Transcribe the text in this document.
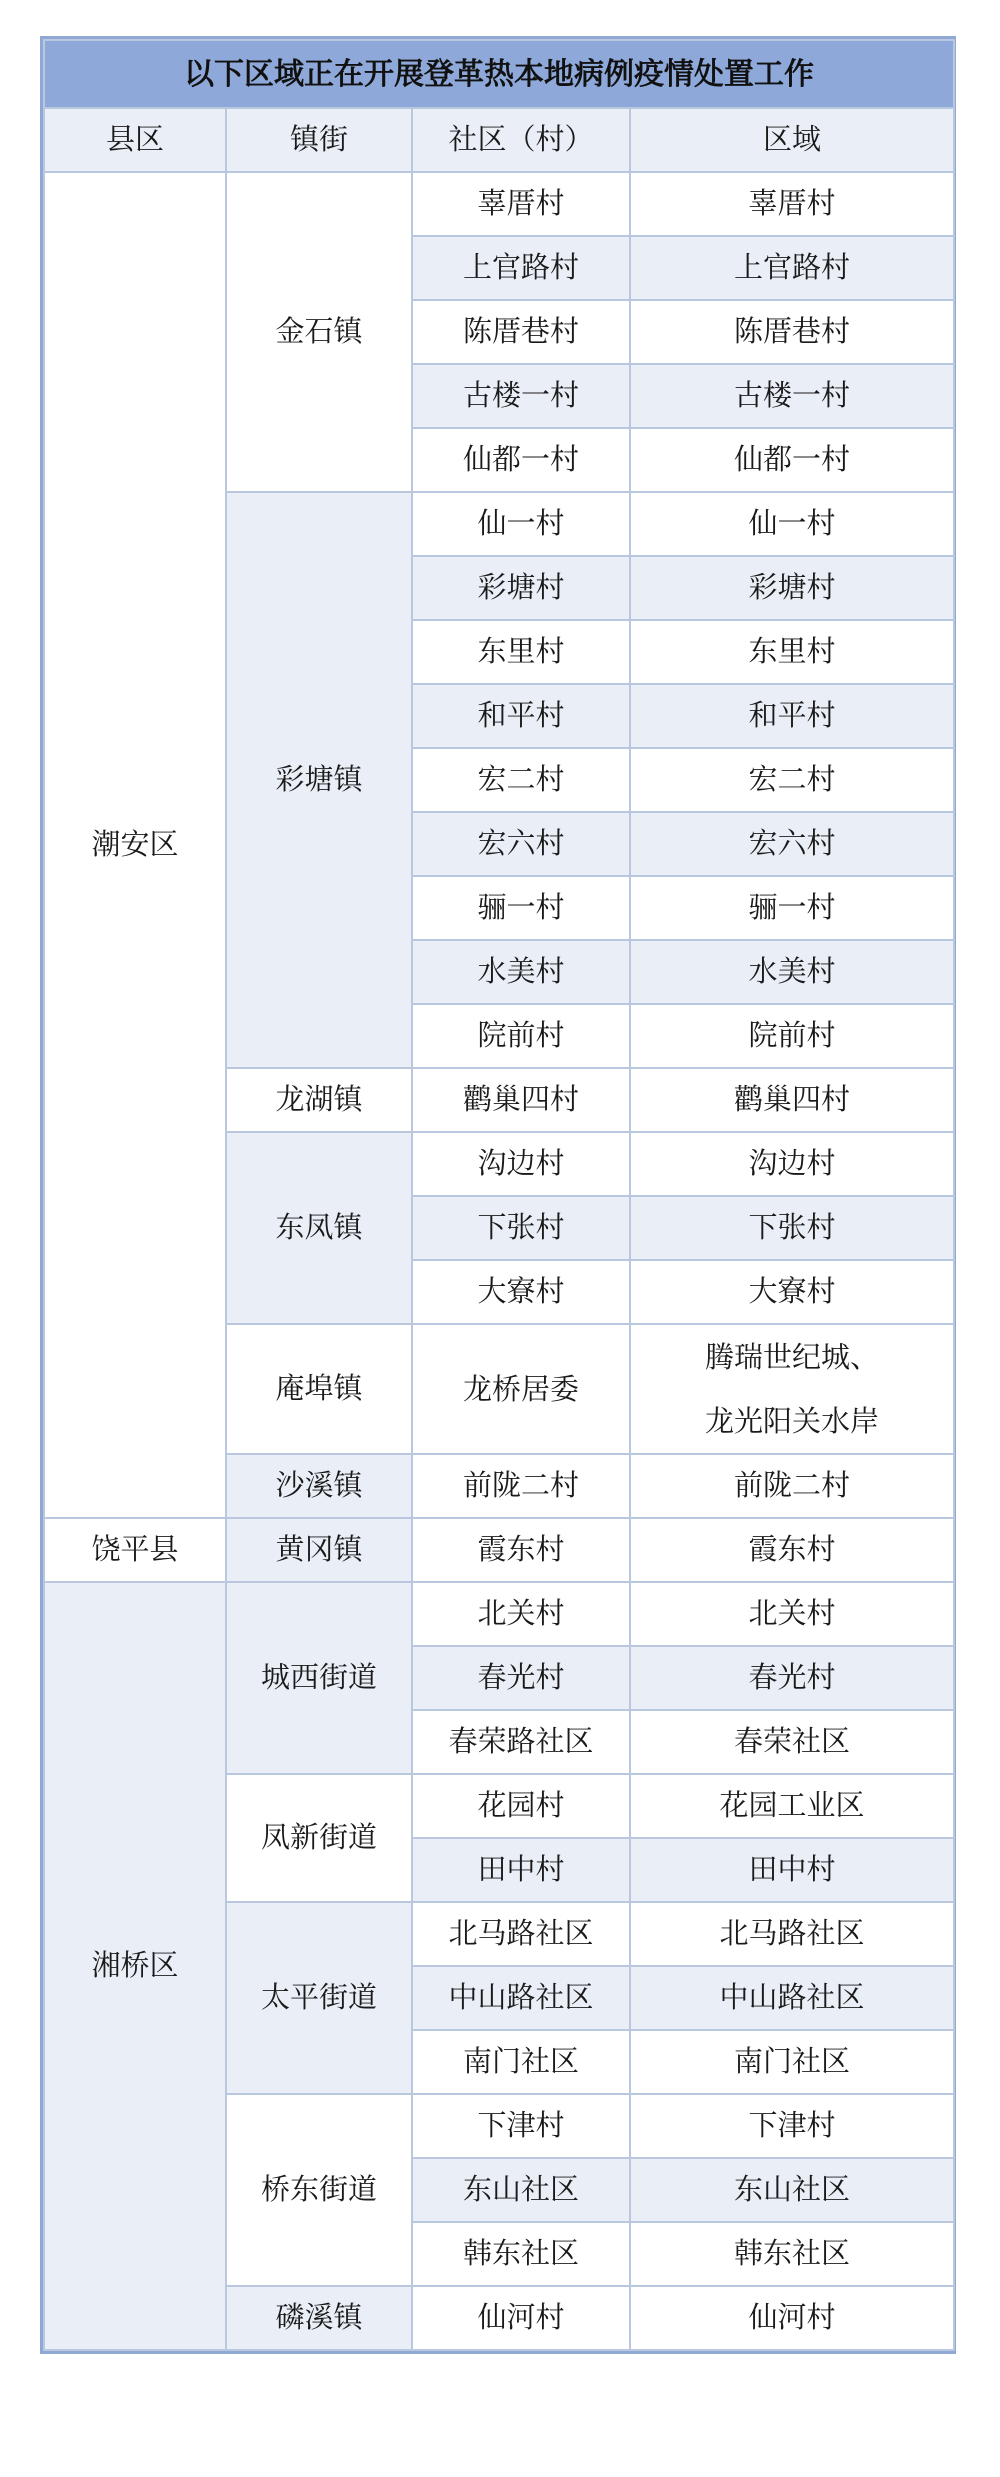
以下区域正在开展登革热本地病例疫情处置工作			
县区	镇街	社区（村）	区域
潮安区	金石镇	辜厝村	辜厝村
		上官路村	上官路村
		陈厝巷村	陈厝巷村
		古楼一村	古楼一村
		仙都一村	仙都一村
	彩塘镇	仙一村	仙一村
		彩塘村	彩塘村
		东里村	东里村
		和平村	和平村
		宏二村	宏二村
		宏六村	宏六村
		骊一村	骊一村
		水美村	水美村
		院前村	院前村
	龙湖镇	鹳巢四村	鹳巢四村
	东凤镇	沟边村	沟边村
		下张村	下张村
		大寮村	大寮村
	庵埠镇	龙桥居委	腾瑞世纪城、
龙光阳关水岸
	沙溪镇	前陇二村	前陇二村
饶平县	黄冈镇	霞东村	霞东村
湘桥区	城西街道	北关村	北关村
		春光村	春光村
		春荣路社区	春荣社区
	凤新街道	花园村	花园工业区
		田中村	田中村
	太平街道	北马路社区	北马路社区
		中山路社区	中山路社区
		南门社区	南门社区
	桥东街道	下津村	下津村
		东山社区	东山社区
		韩东社区	韩东社区
	磷溪镇	仙河村	仙河村
